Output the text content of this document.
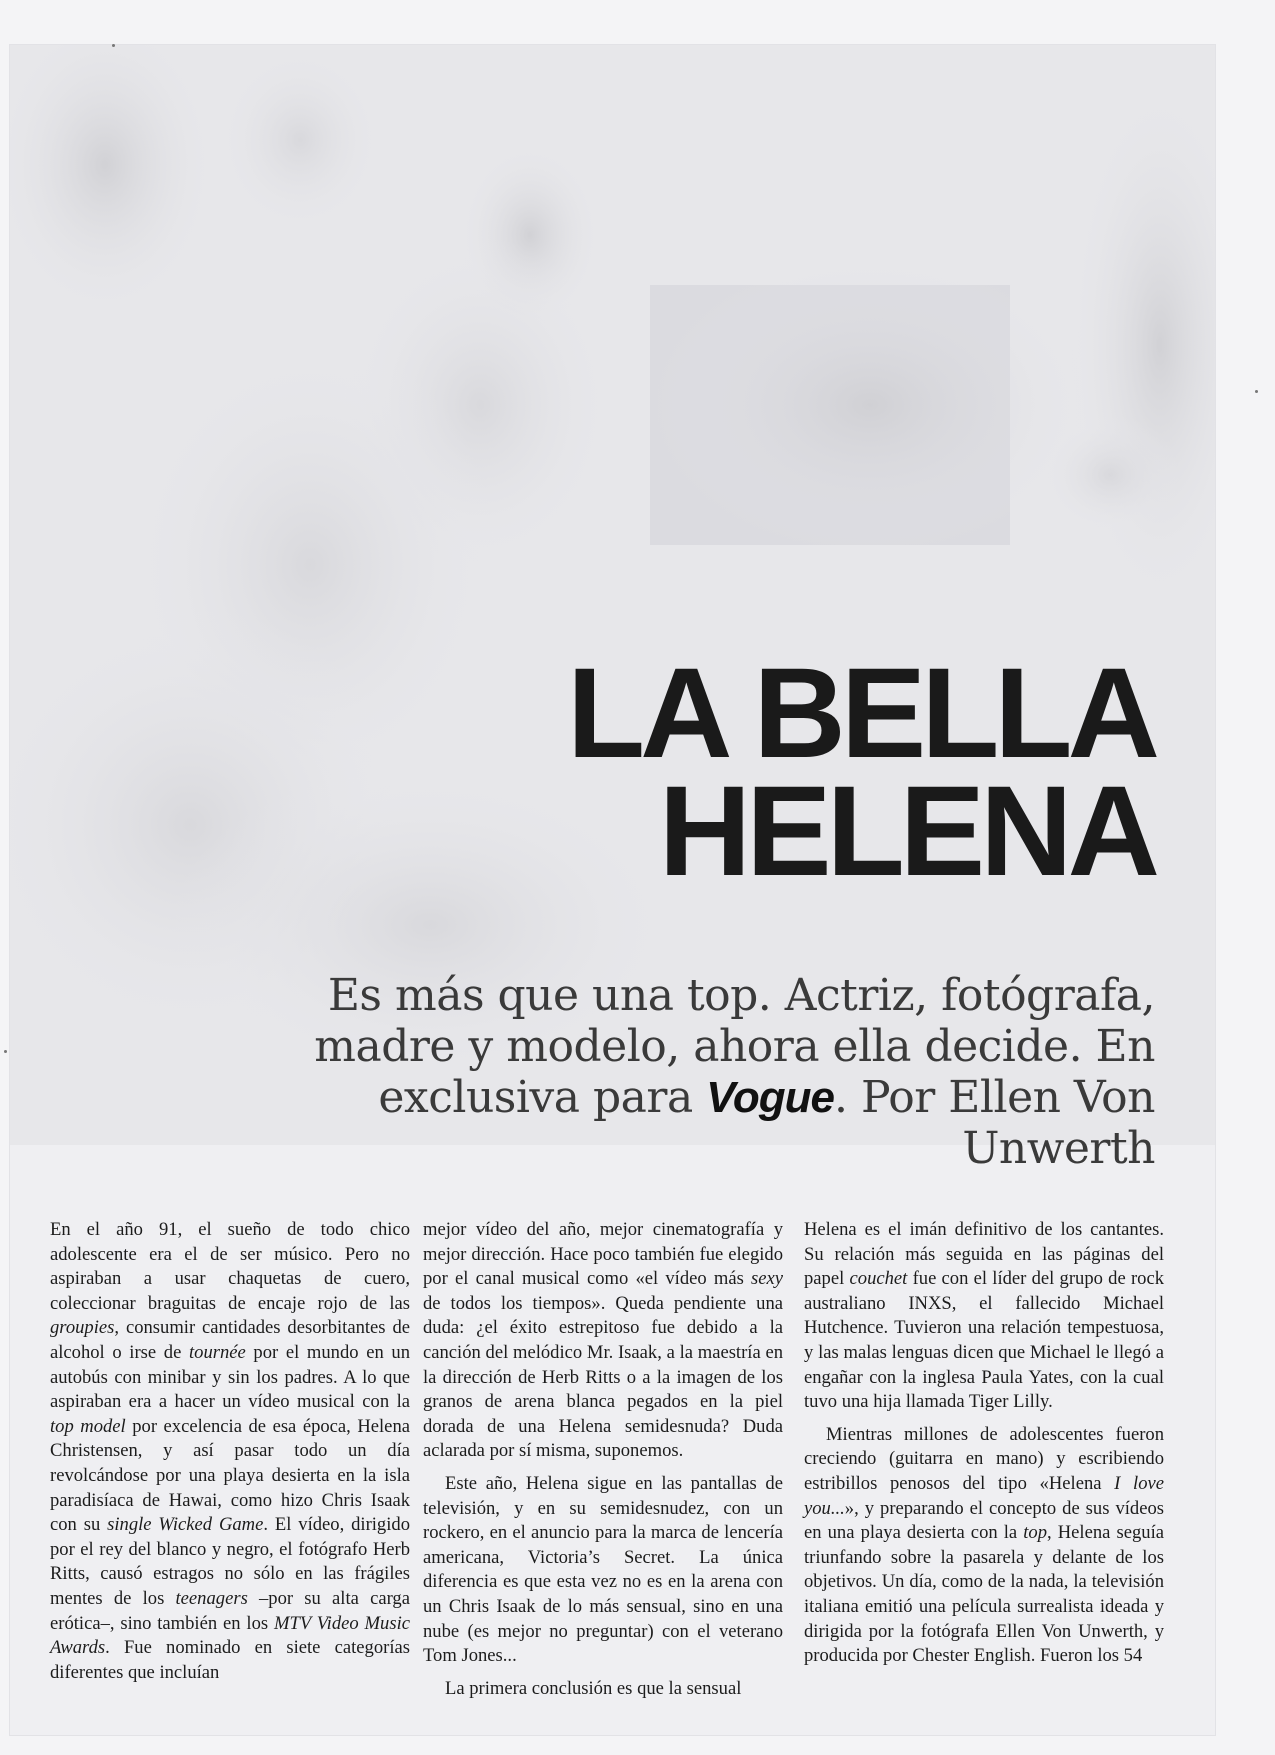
LA BELLA
HELENA

Es más que una top. Actriz, fotógrafa, madre y modelo, ahora ella decide. En exclusiva para Vogue. Por Ellen Von Unwerth

En el año 91, el sueño de todo chico adolescente era el de ser músico. Pero no aspiraban a usar chaquetas de cuero, coleccionar braguitas de encaje rojo de las groupies, consumir cantidades desorbitantes de alcohol o irse de tournée por el mundo en un autobús con minibar y sin los padres. A lo que aspiraban era a hacer un vídeo musical con la top model por excelencia de esa época, Helena Christensen, y así pasar todo un día revolcándose por una playa desierta en la isla paradisíaca de Hawai, como hizo Chris Isaak con su single Wicked Game. El vídeo, dirigido por el rey del blanco y negro, el fotógrafo Herb Ritts, causó estragos no sólo en las frágiles mentes de los teenagers –por su alta carga erótica–, sino también en los MTV Video Music Awards. Fue nominado en siete categorías diferentes que incluían

mejor vídeo del año, mejor cinematografía y mejor dirección. Hace poco también fue elegido por el canal musical como «el vídeo más sexy de todos los tiempos». Queda pendiente una duda: ¿el éxito estrepitoso fue debido a la canción del melódico Mr. Isaak, a la maestría en la dirección de Herb Ritts o a la imagen de los granos de arena blanca pegados en la piel dorada de una Helena semidesnuda? Duda aclarada por sí misma, suponemos.

Este año, Helena sigue en las pantallas de televisión, y en su semidesnudez, con un rockero, en el anuncio para la marca de lencería americana, Victoria’s Secret. La única diferencia es que esta vez no es en la arena con un Chris Isaak de lo más sensual, sino en una nube (es mejor no preguntar) con el veterano Tom Jones...

La primera conclusión es que la sensual

Helena es el imán definitivo de los cantantes. Su relación más seguida en las páginas del papel couchet fue con el líder del grupo de rock australiano INXS, el fallecido Michael Hutchence. Tuvieron una relación tempestuosa, y las malas lenguas dicen que Michael le llegó a engañar con la inglesa Paula Yates, con la cual tuvo una hija llamada Tiger Lilly.

Mientras millones de adolescentes fueron creciendo (guitarra en mano) y escribiendo estribillos penosos del tipo «Helena I love you...», y preparando el concepto de sus vídeos en una playa desierta con la top, Helena seguía triunfando sobre la pasarela y delante de los objetivos. Un día, como de la nada, la televisión italiana emitió una película surrealista ideada y dirigida por la fotógrafa Ellen Von Unwerth, y producida por Chester English. Fueron los 54
